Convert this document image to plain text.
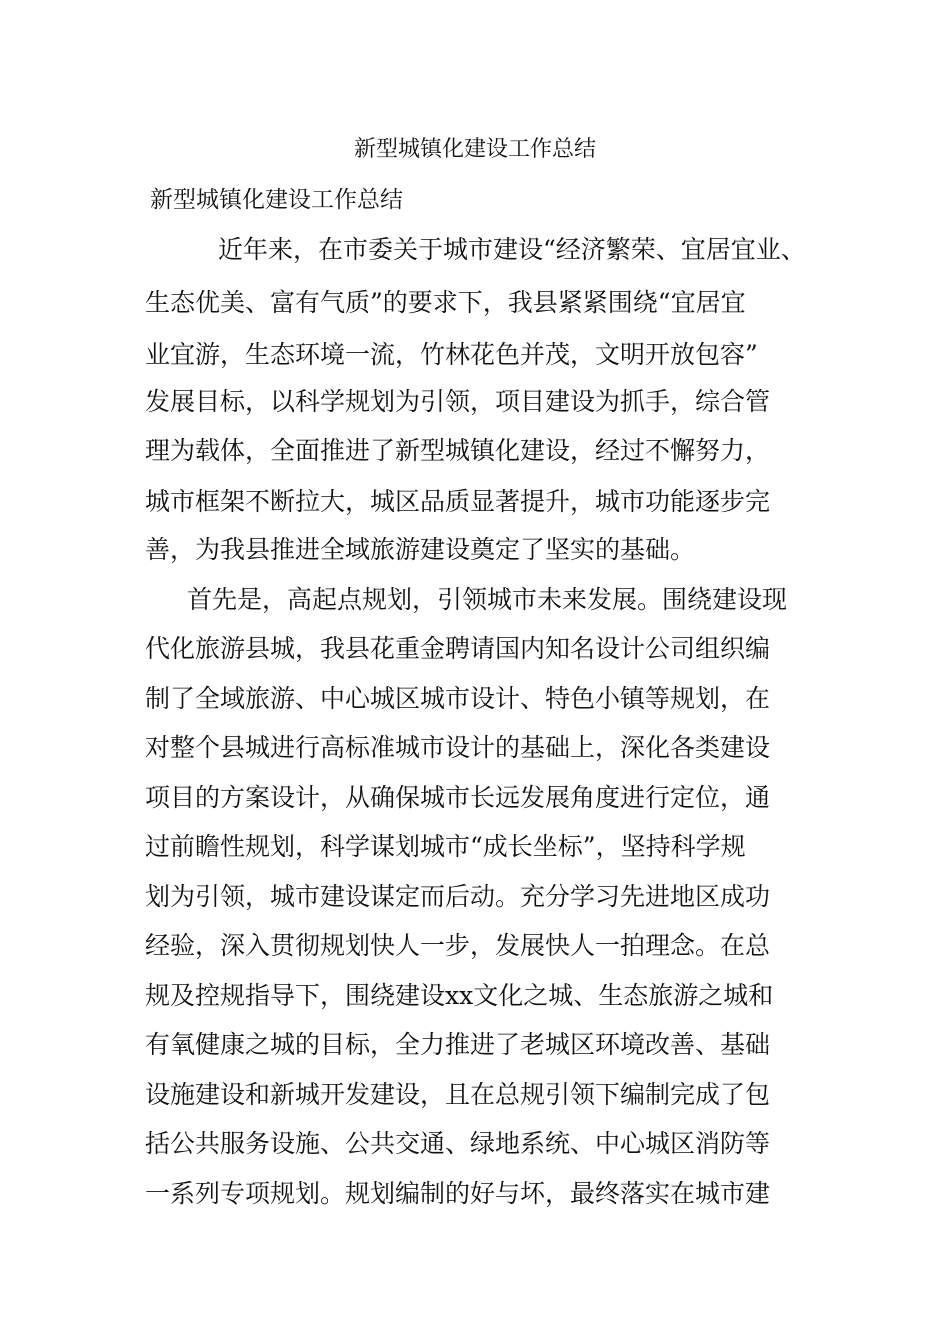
新型城镇化建设工作总结
新型城镇化建设工作总结
近年来，在市委关于城市建设“经济繁荣、宜居宜业、
生态优美、富有气质”的要求下，我县紧紧围绕“宜居宜
业宜游，生态环境一流，竹林花色并茂，文明开放包容”
发展目标，以科学规划为引领，项目建设为抓手，综合管
理为载体，全面推进了新型城镇化建设，经过不懈努力，
城市框架不断拉大，城区品质显著提升，城市功能逐步完
善，为我县推进全域旅游建设奠定了坚实的基础。
首先是，高起点规划，引领城市未来发展。围绕建设现
代化旅游县城，我县花重金聘请国内知名设计公司组织编
制了全域旅游、中心城区城市设计、特色小镇等规划，在
对整个县城进行高标准城市设计的基础上，深化各类建设
项目的方案设计，从确保城市长远发展角度进行定位，通
过前瞻性规划，科学谋划城市“成长坐标”，坚持科学规
划为引领，城市建设谋定而后动。充分学习先进地区成功
经验，深入贯彻规划快人一步，发展快人一拍理念。在总
规及控规指导下，围绕建设xx文化之城、生态旅游之城和
有氧健康之城的目标，全力推进了老城区环境改善、基础
设施建设和新城开发建设，且在总规引领下编制完成了包
括公共服务设施、公共交通、绿地系统、中心城区消防等
一系列专项规划。规划编制的好与坏，最终落实在城市建
